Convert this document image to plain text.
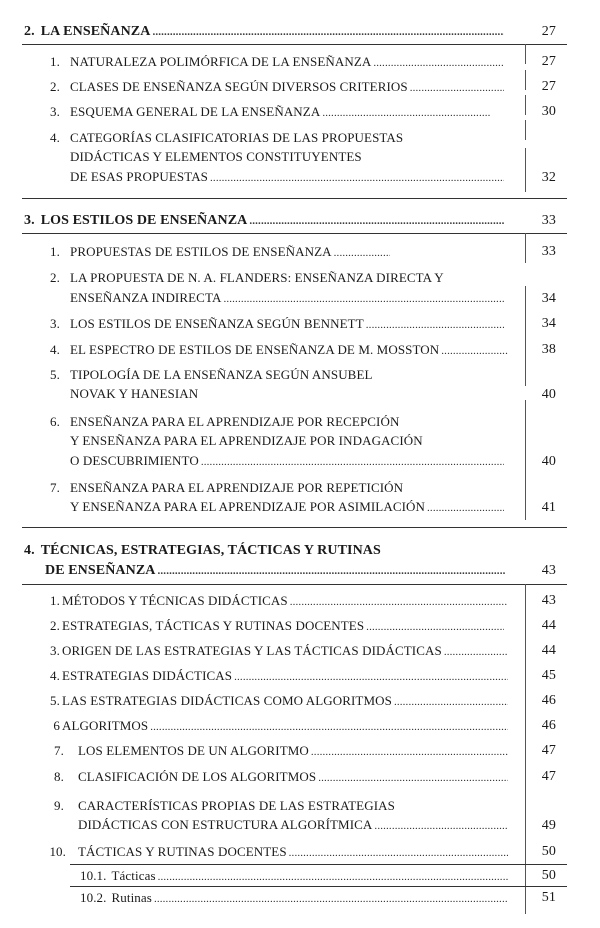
2. LA ENSEÑANZA . . .	27
1. NATURALEZA POLIMÓRFICA DE LA ENSEÑANZA . . .	27
2. CLASES DE ENSEÑANZA SEGÚN DIVERSOS CRITERIOS . . .	27
3. ESQUEMA GENERAL DE LA ENSEÑANZA . . .	30
4. CATEGORÍAS CLASIFICATORIAS DE LAS PROPUESTAS
DIDÁCTICAS Y ELEMENTOS CONSTITUYENTES
DE ESAS PROPUESTAS . . .	32
3. LOS ESTILOS DE ENSEÑANZA . . .	33
1. PROPUESTAS DE ESTILOS DE ENSEÑANZA . . .	33
2. LA PROPUESTA DE N. A. FLANDERS: ENSEÑANZA DIRECTA Y
ENSEÑANZA INDIRECTA . . .	34
3. LOS ESTILOS DE ENSEÑANZA SEGÚN BENNETT . . .	34
4. EL ESPECTRO DE ESTILOS DE ENSEÑANZA DE M. MOSSTON . . .	38
5. TIPOLOGÍA DE LA ENSEÑANZA SEGÚN ANSUBEL
NOVAK Y HANESIAN	40
6. ENSEÑANZA PARA EL APRENDIZAJE POR RECEPCIÓN
Y ENSEÑANZA PARA EL APRENDIZAJE POR INDAGACIÓN
O DESCUBRIMIENTO . . .	40
7. ENSEÑANZA PARA EL APRENDIZAJE POR REPETICIÓN
Y ENSEÑANZA PARA EL APRENDIZAJE POR ASIMILACIÓN . . .	41
4. TÉCNICAS, ESTRATEGIAS, TÁCTICAS Y RUTINAS
DE ENSEÑANZA . . .	43
1. MÉTODOS Y TÉCNICAS DIDÁCTICAS . . .	43
2. ESTRATEGIAS, TÁCTICAS Y RUTINAS DOCENTES . . .	44
3. ORIGEN DE LAS ESTRATEGIAS Y LAS TÁCTICAS DIDÁCTICAS . . .	44
4. ESTRATEGIAS DIDÁCTICAS . . .	45
5. LAS ESTRATEGIAS DIDÁCTICAS COMO ALGORITMOS . . .	46
6 ALGORITMOS . . .	46
7. LOS ELEMENTOS DE UN ALGORITMO . . .	47
8. CLASIFICACIÓN DE LOS ALGORITMOS . . .	47
9. CARACTERÍSTICAS PROPIAS DE LAS ESTRATEGIAS
DIDÁCTICAS CON ESTRUCTURA ALGORÍTMICA . . .	49
10. TÁCTICAS Y RUTINAS DOCENTES . . .	50
10.1. Tácticas . . .	50
10.2. Rutinas . . .	51
